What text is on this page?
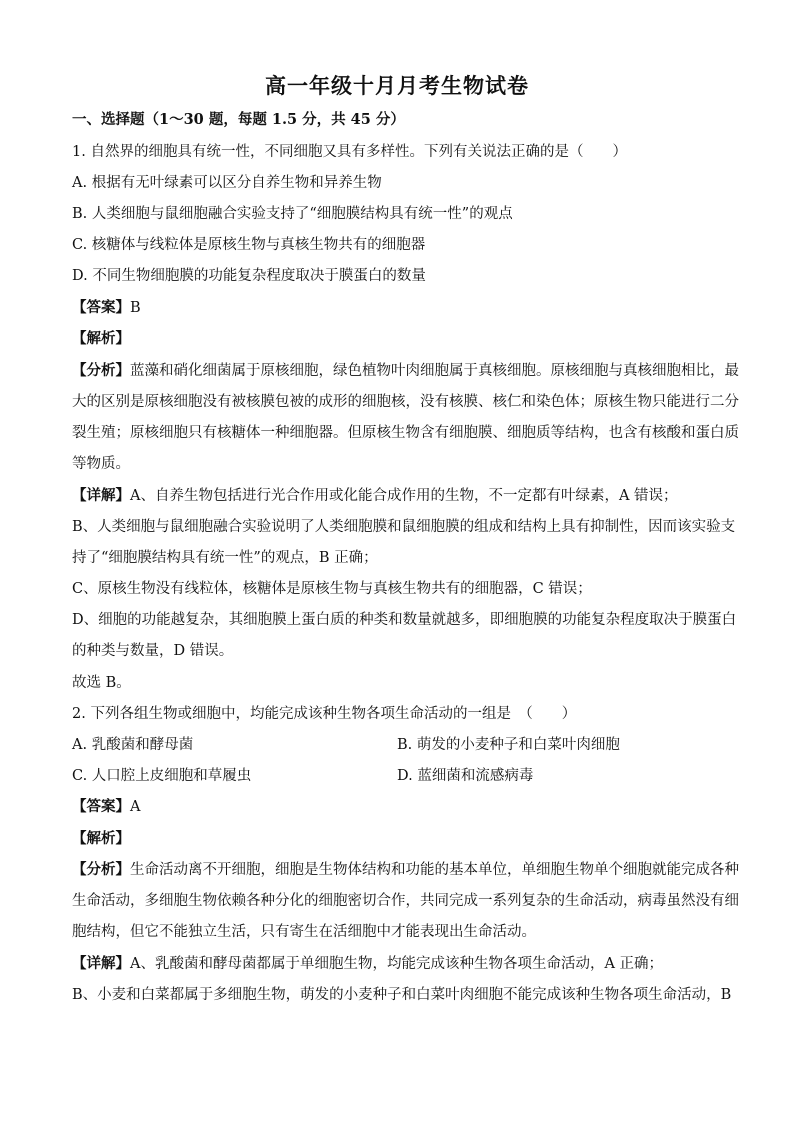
高一年级十月月考生物试卷
一、选择题（1～30 题，每题 1.5 分，共 45 分）
1. 自然界的细胞具有统一性，不同细胞又具有多样性。下列有关说法正确的是（　　）
A. 根据有无叶绿素可以区分自养生物和异养生物
B. 人类细胞与鼠细胞融合实验支持了“细胞膜结构具有统一性”的观点
C. 核糖体与线粒体是原核生物与真核生物共有的细胞器
D. 不同生物细胞膜的功能复杂程度取决于膜蛋白的数量
【答案】B
【解析】
【分析】蓝藻和硝化细菌属于原核细胞，绿色植物叶肉细胞属于真核细胞。原核细胞与真核细胞相比，最
大的区别是原核细胞没有被核膜包被的成形的细胞核，没有核膜、核仁和染色体；原核生物只能进行二分
裂生殖；原核细胞只有核糖体一种细胞器。但原核生物含有细胞膜、细胞质等结构，也含有核酸和蛋白质
等物质。
【详解】A、自养生物包括进行光合作用或化能合成作用的生物，不一定都有叶绿素，A 错误；
B、人类细胞与鼠细胞融合实验说明了人类细胞膜和鼠细胞膜的组成和结构上具有抑制性，因而该实验支
持了“细胞膜结构具有统一性”的观点，B 正确；
C、原核生物没有线粒体，核糖体是原核生物与真核生物共有的细胞器，C 错误；
D、细胞的功能越复杂，其细胞膜上蛋白质的种类和数量就越多，即细胞膜的功能复杂程度取决于膜蛋白
的种类与数量，D 错误。
故选 B。
2. 下列各组生物或细胞中，均能完成该种生物各项生命活动的一组是　（　　）
A. 乳酸菌和酵母菌	B. 萌发的小麦种子和白菜叶肉细胞
C. 人口腔上皮细胞和草履虫	D. 蓝细菌和流感病毒
【答案】A
【解析】
【分析】生命活动离不开细胞，细胞是生物体结构和功能的基本单位，单细胞生物单个细胞就能完成各种
生命活动，多细胞生物依赖各种分化的细胞密切合作，共同完成一系列复杂的生命活动，病毒虽然没有细
胞结构，但它不能独立生活，只有寄生在活细胞中才能表现出生命活动。
【详解】A、乳酸菌和酵母菌都属于单细胞生物，均能完成该种生物各项生命活动，A 正确；
B、小麦和白菜都属于多细胞生物，萌发的小麦种子和白菜叶肉细胞不能完成该种生物各项生命活动，B
